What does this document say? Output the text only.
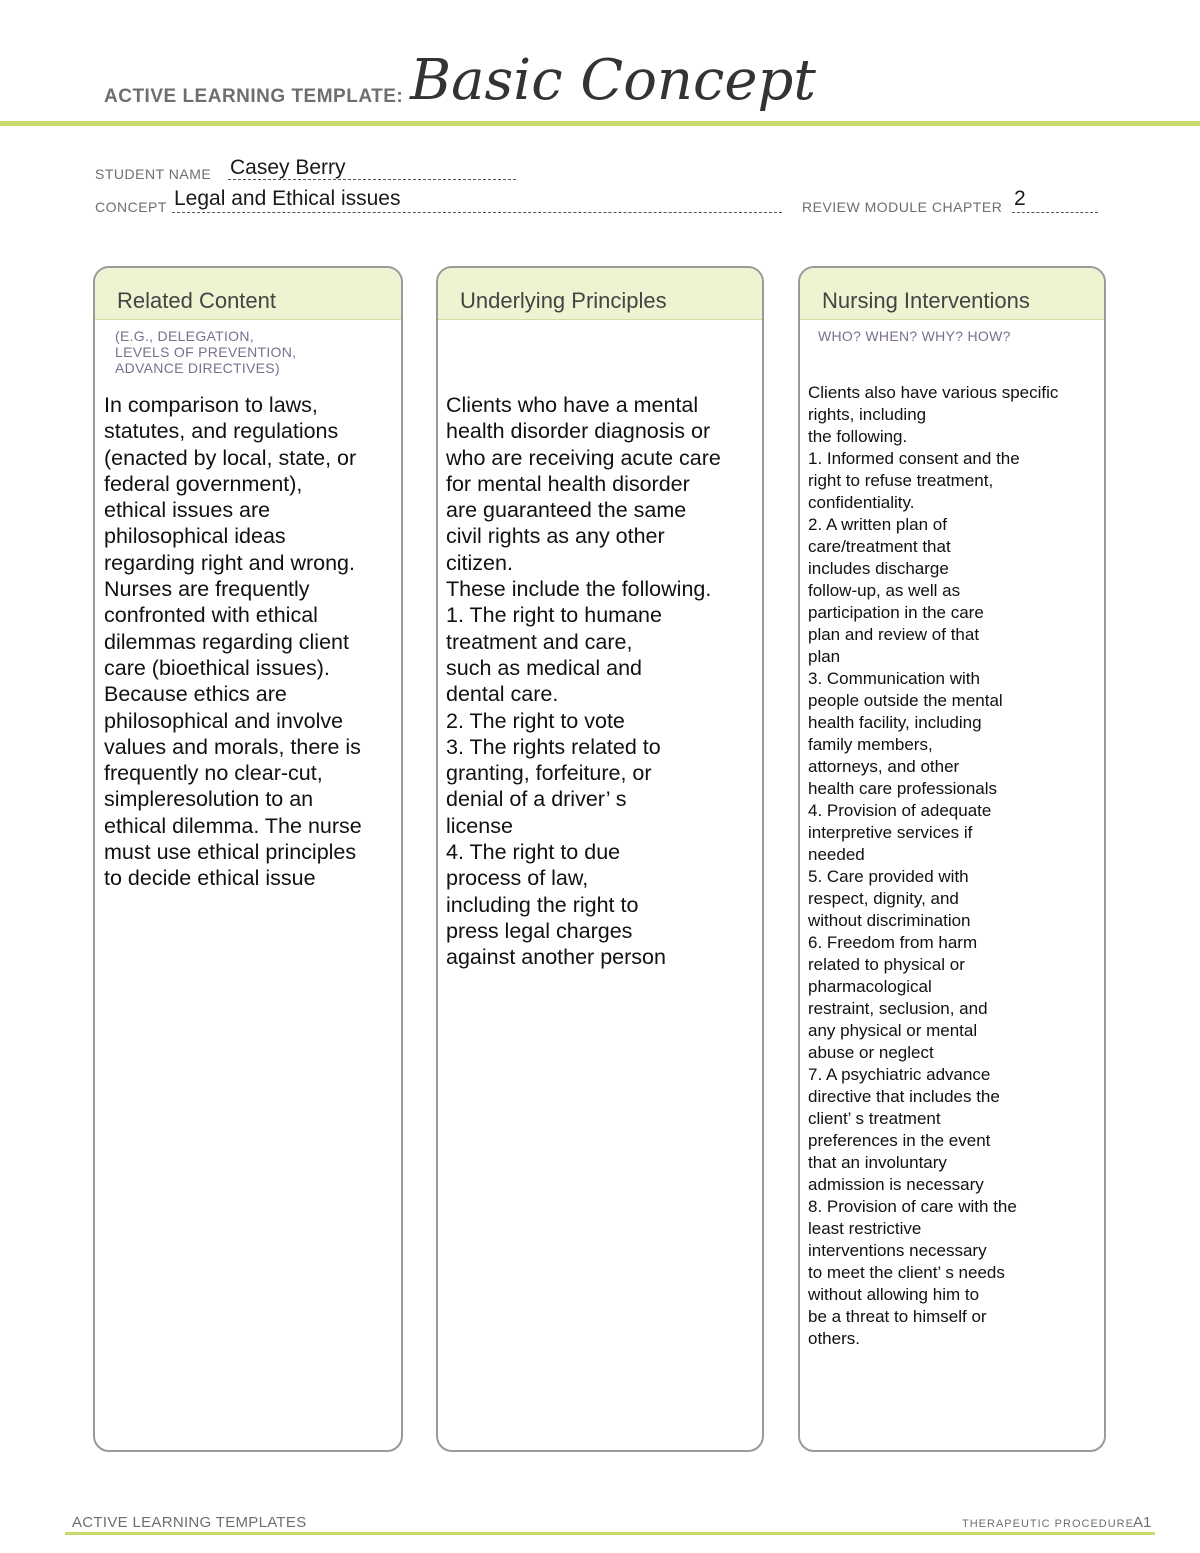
ACTIVE LEARNING TEMPLATE: Basic Concept
STUDENT NAME Casey Berry
CONCEPT Legal and Ethical issues	REVIEW MODULE CHAPTER 2
Related Content
(E.G., DELEGATION,
LEVELS OF PREVENTION,
ADVANCE DIRECTIVES)
In comparison to laws,
statutes, and regulations
(enacted by local, state, or
federal government),
ethical issues are
philosophical ideas
regarding right and wrong.
Nurses are frequently
confronted with ethical
dilemmas regarding client
care (bioethical issues).
Because ethics are
philosophical and involve
values and morals, there is
frequently no clear-cut,
simpleresolution to an
ethical dilemma. The nurse
must use ethical principles
to decide ethical issue
Underlying Principles
Clients who have a mental
health disorder diagnosis or
who are receiving acute care
for mental health disorder
are guaranteed the same
civil rights as any other
citizen.
These include the following.
1. The right to humane
treatment and care,
such as medical and
dental care.
2. The right to vote
3. The rights related to
granting, forfeiture, or
denial of a driver’ s
license
4. The right to due
process of law,
including the right to
press legal charges
against another person
Nursing Interventions
WHO? WHEN? WHY? HOW?
Clients also have various specific
rights, including
the following.
1. Informed consent and the
right to refuse treatment,
confidentiality.
2. A written plan of
care/treatment that
includes discharge
follow-up, as well as
participation in the care
plan and review of that
plan
3. Communication with
people outside the mental
health facility, including
family members,
attorneys, and other
health care professionals
4. Provision of adequate
interpretive services if
needed
5. Care provided with
respect, dignity, and
without discrimination
6. Freedom from harm
related to physical or
pharmacological
restraint, seclusion, and
any physical or mental
abuse or neglect
7. A psychiatric advance
directive that includes the
client’ s treatment
preferences in the event
that an involuntary
admission is necessary
8. Provision of care with the
least restrictive
interventions necessary
to meet the client’ s needs
without allowing him to
be a threat to himself or
others.
ACTIVE LEARNING TEMPLATES	THERAPEUTIC PROCEDURE A1
